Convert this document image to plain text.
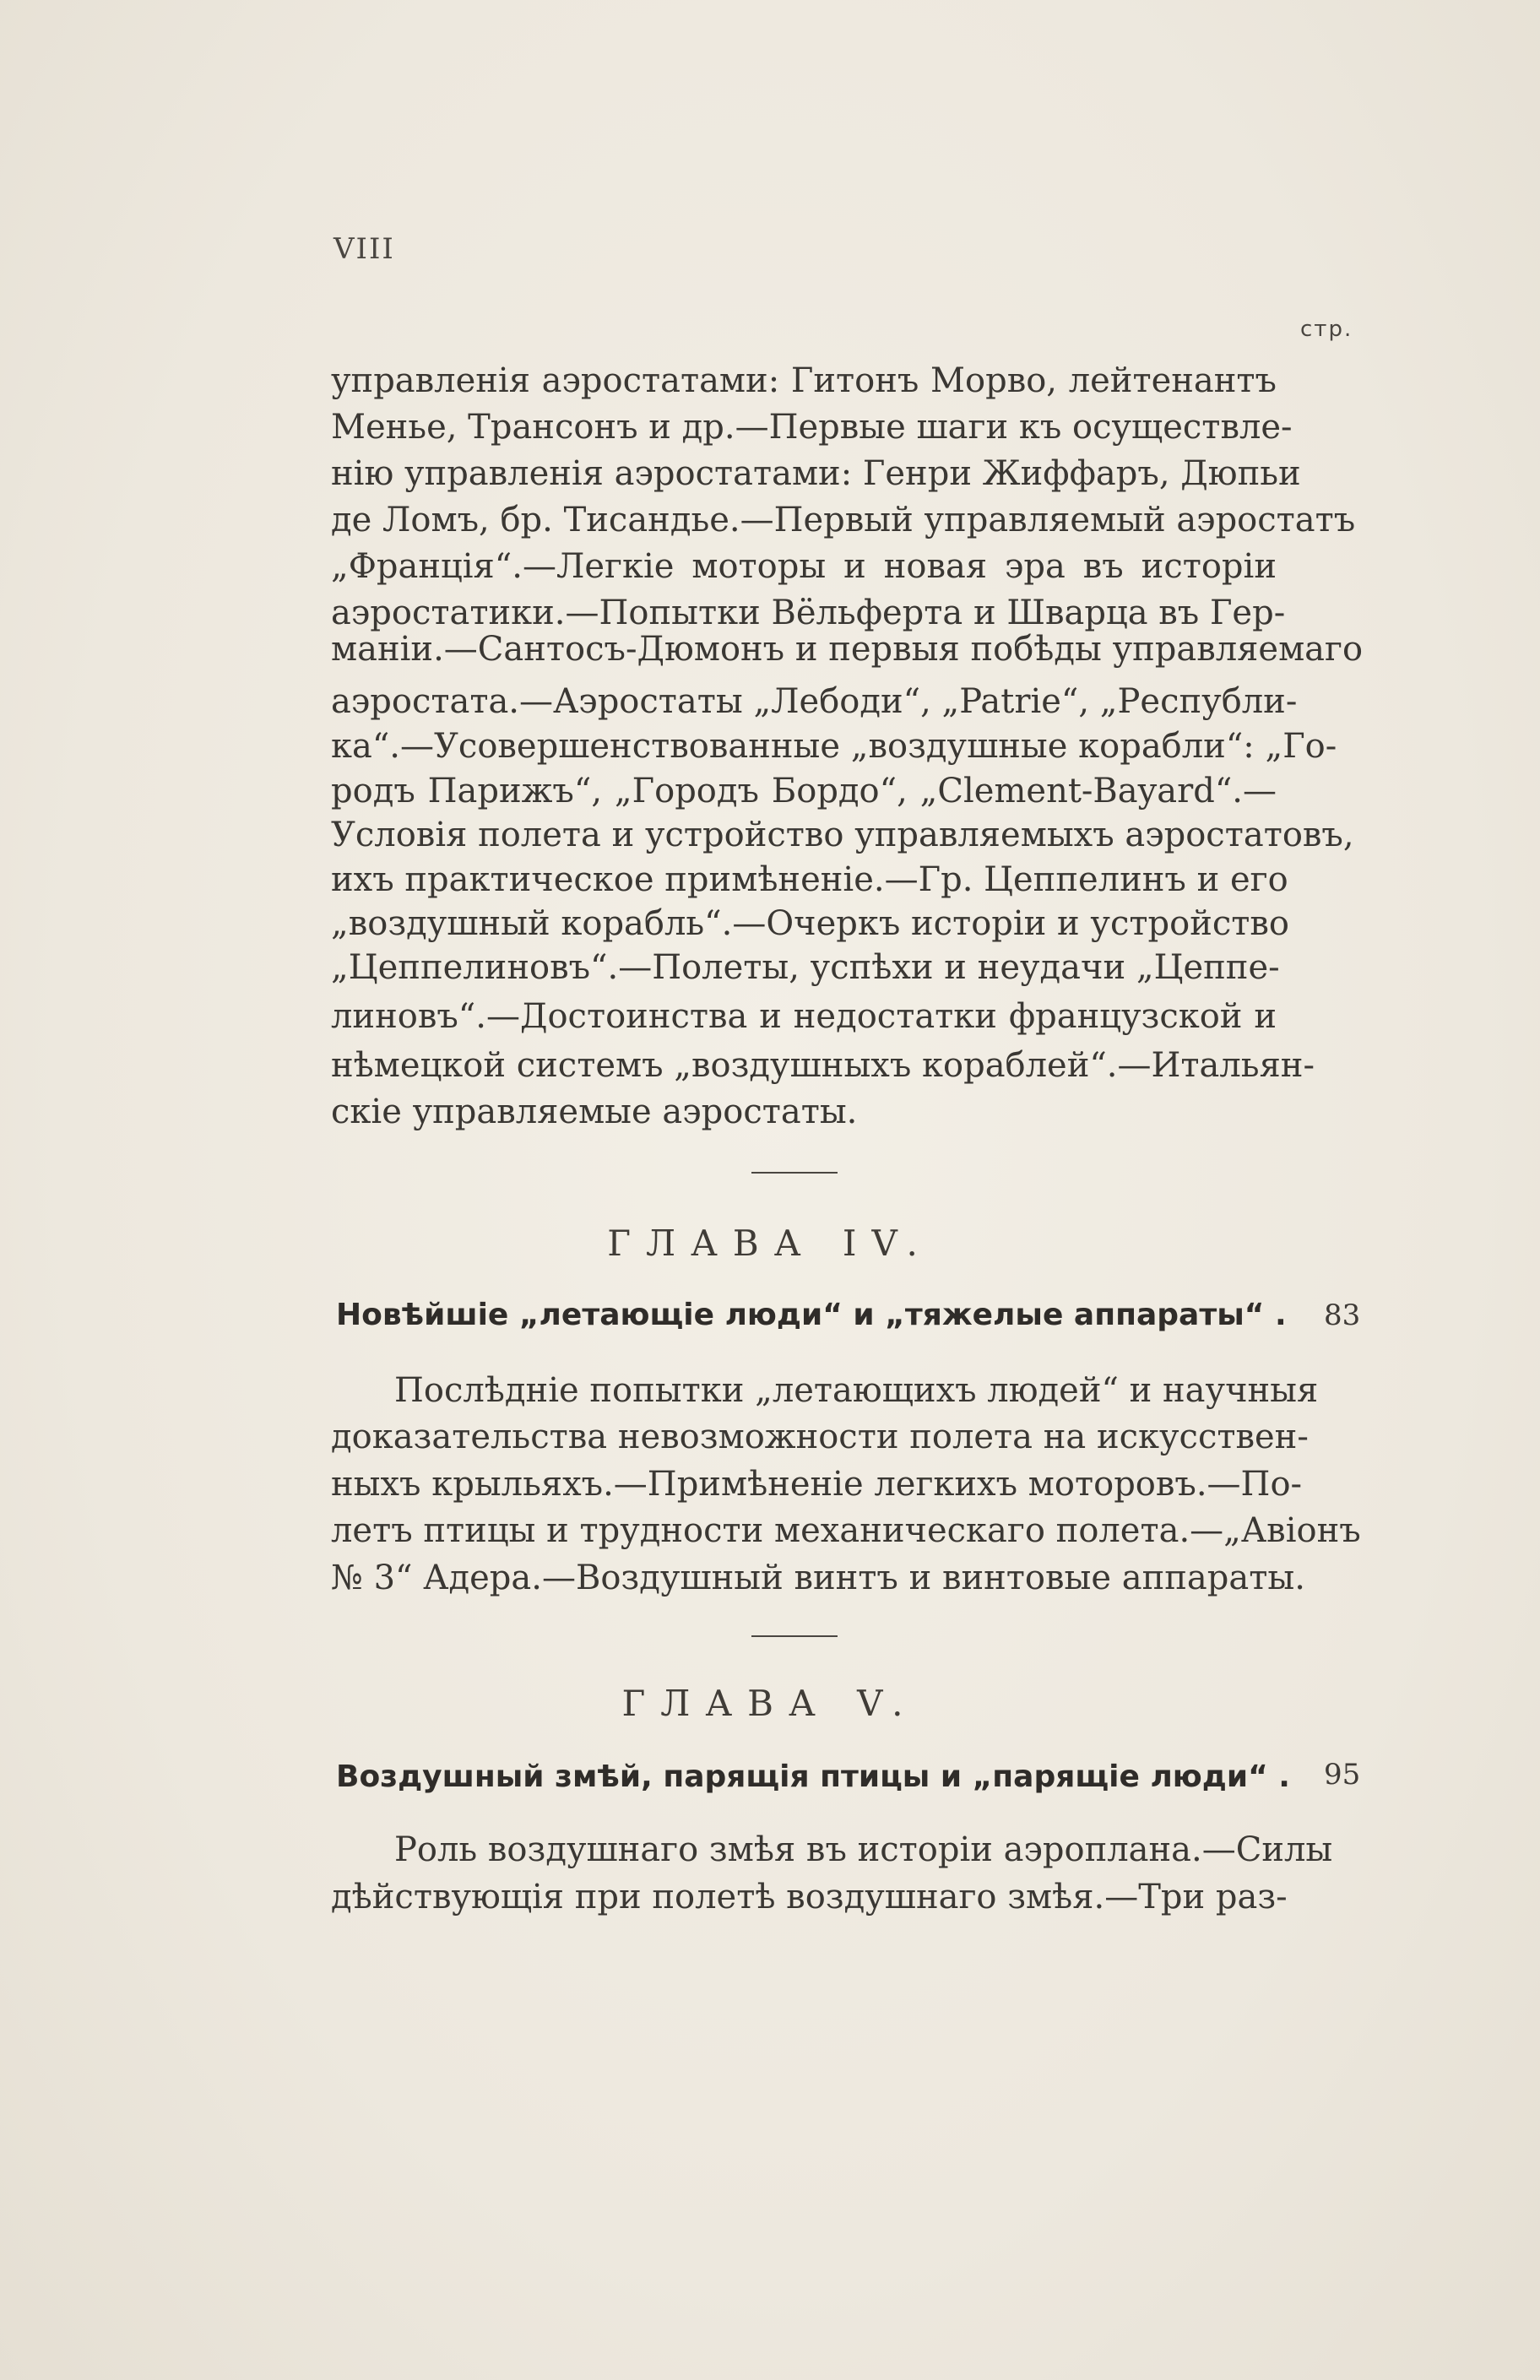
VIII
стр.
управленія аэростатами: Гитонъ Морво, лейтенантъ
Менье, Трансонъ и др.—Первые шаги къ осуществле-
нію управленія аэростатами: Генри Жиффаръ, Дюпьи
де Ломъ, бр. Тисандье.—Первый управляемый аэростатъ
„Франція“.—Легкіе моторы и новая эра въ исторіи
аэростатики.—Попытки Вёльферта и Шварца въ Гер-
маніи.—Сантосъ-Дюмонъ и первыя побѣды управляемаго
аэростата.—Аэростаты „Лебоди“, „Patrie“, „Республи-
ка“.—Усовершенствованные „воздушные корабли“: „Го-
родъ Парижъ“, „Городъ Бордо“, „Clement-Bayard“.—
Условія полета и устройство управляемыхъ аэростатовъ,
ихъ практическое примѣненіе.—Гр. Цеппелинъ и его
„воздушный корабль“.—Очеркъ исторіи и устройство
„Цеппелиновъ“.—Полеты, успѣхи и неудачи „Цеппе-
линовъ“.—Достоинства и недостатки французской и
нѣмецкой системъ „воздушныхъ кораблей“.—Итальян-
скіе управляемые аэростаты.
ГЛАВА IV.
Новѣйшіе „летающіе люди“ и „тяжелые аппараты“ . 83
Послѣдніе попытки „летающихъ людей“ и научныя
доказательства невозможности полета на искусствен-
ныхъ крыльяхъ.—Примѣненіе легкихъ моторовъ.—По-
летъ птицы и трудности механическаго полета.—„Авіонъ
№ 3“ Адера.—Воздушный винтъ и винтовые аппараты.
ГЛАВА V.
Воздушный змѣй, парящія птицы и „парящіе люди“ . 95
Роль воздушнаго змѣя въ исторіи аэроплана.—Силы
дѣйствующія при полетѣ воздушнаго змѣя.—Три раз-
